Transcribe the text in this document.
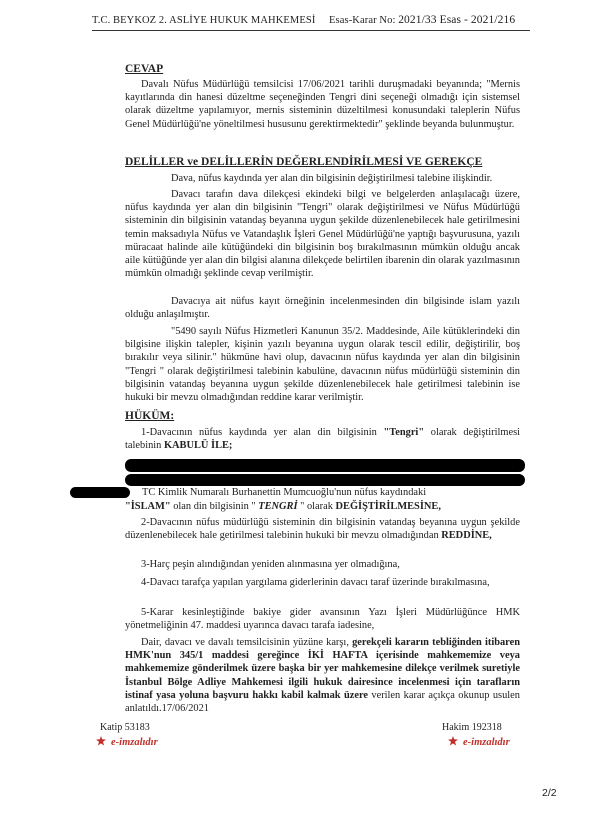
T.C. BEYKOZ 2. ASLİYE HUKUK MAHKEMESİ Esas-Karar No: 2021/33 Esas - 2021/216
CEVAP
Davalı Nüfus Müdürlüğü temsilcisi 17/06/2021 tarihli duruşmadaki beyanında; "Mernis kayıtlarında din hanesi düzeltme seçeneğinden Tengri dini seçeneği olmadığı için sistemsel olarak düzeltme yapılamıyor, mernis sisteminin düzeltilmesi konusundaki taleplerin Nüfus Genel Müdürlüğü'ne yöneltilmesi hususunu gerektirmektedir" şeklinde beyanda bulunmuştur.
DELİLLER ve DELİLLERİN DEĞERLENDİRİLMESİ VE GEREKÇE
Dava, nüfus kaydında yer alan din bilgisinin değiştirilmesi talebine ilişkindir.
Davacı tarafın dava dilekçesi ekindeki bilgi ve belgelerden anlaşılacağı üzere, nüfus kaydında yer alan din bilgisinin "Tengri" olarak değiştirilmesi ve Nüfus Müdürlüğü sisteminin din bilgisinin vatandaş beyanına uygun şekilde düzenlenebilecek hale getirilmesini temin maksadıyla Nüfus ve Vatandaşlık İşleri Genel Müdürlüğü'ne yaptığı başvurusuna, yazılı müracaat halinde aile kütüğündeki din bilgisinin boş bırakılmasının mümkün olduğu ancak aile kütüğünde yer alan din bilgisi alanına dilekçede belirtilen ibarenin din olarak yazılmasının mümkün olmadığı şeklinde cevap verilmiştir.
Davacıya ait nüfus kayıt örneğinin incelenmesinden din bilgisinde islam yazılı olduğu anlaşılmıştır.
"5490 sayılı Nüfus Hizmetleri Kanunun 35/2. Maddesinde, Aile kütüklerindeki din bilgisine ilişkin talepler, kişinin yazılı beyanına uygun olarak tescil edilir, değiştirilir, boş bırakılır veya silinir." hükmüne havi olup, davacının nüfus kaydında yer alan din bilgisinin "Tengri " olarak değiştirilmesi talebinin kabulüne, davacının nüfus müdürlüğü sisteminin din bilgisinin vatandaş beyanına uygun şekilde düzenlenebilecek hale getirilmesi talebinin ise hukuki bir mevzu olmadığından reddine karar verilmiştir.
HÜKÜM:
1-Davacının nüfus kaydında yer alan din bilgisinin "Tengri" olarak değiştirilmesi talebinin KABULÜ İLE;
TC Kimlik Numaralı Burhanettin Mumcuoğlu'nun nüfus kaydındaki
"İSLAM" olan din bilgisinin " TENGRİ " olarak DEĞİŞTİRİLMESİNE,
2-Davacının nüfus müdürlüğü sisteminin din bilgisinin vatandaş beyanına uygun şekilde düzenlenebilecek hale getirilmesi talebinin hukuki bir mevzu olmadığından REDDİNE,
3-Harç peşin alındığından yeniden alınmasına yer olmadığına,
4-Davacı tarafça yapılan yargılama giderlerinin davacı taraf üzerinde bırakılmasına,
5-Karar kesinleştiğinde bakiye gider avansının Yazı İşleri Müdürlüğünce HMK yönetmeliğinin 47. maddesi uyarınca davacı tarafa iadesine,
Dair, davacı ve davalı temsilcisinin yüzüne karşı, gerekçeli kararın tebliğinden itibaren HMK'nun 345/1 maddesi gereğince İKİ HAFTA içerisinde mahkememize veya mahkememize gönderilmek üzere başka bir yer mahkemesine dilekçe verilmek suretiyle İstanbul Bölge Adliye Mahkemesi ilgili hukuk dairesince incelenmesi için tarafların istinaf yasa yoluna başvuru hakkı kabil kalmak üzere verilen karar açıkça okunup usulen anlatıldı.17/06/2021
Katip 53183
e-imzalıdır
Hakim 192318
e-imzalıdır
2/2
